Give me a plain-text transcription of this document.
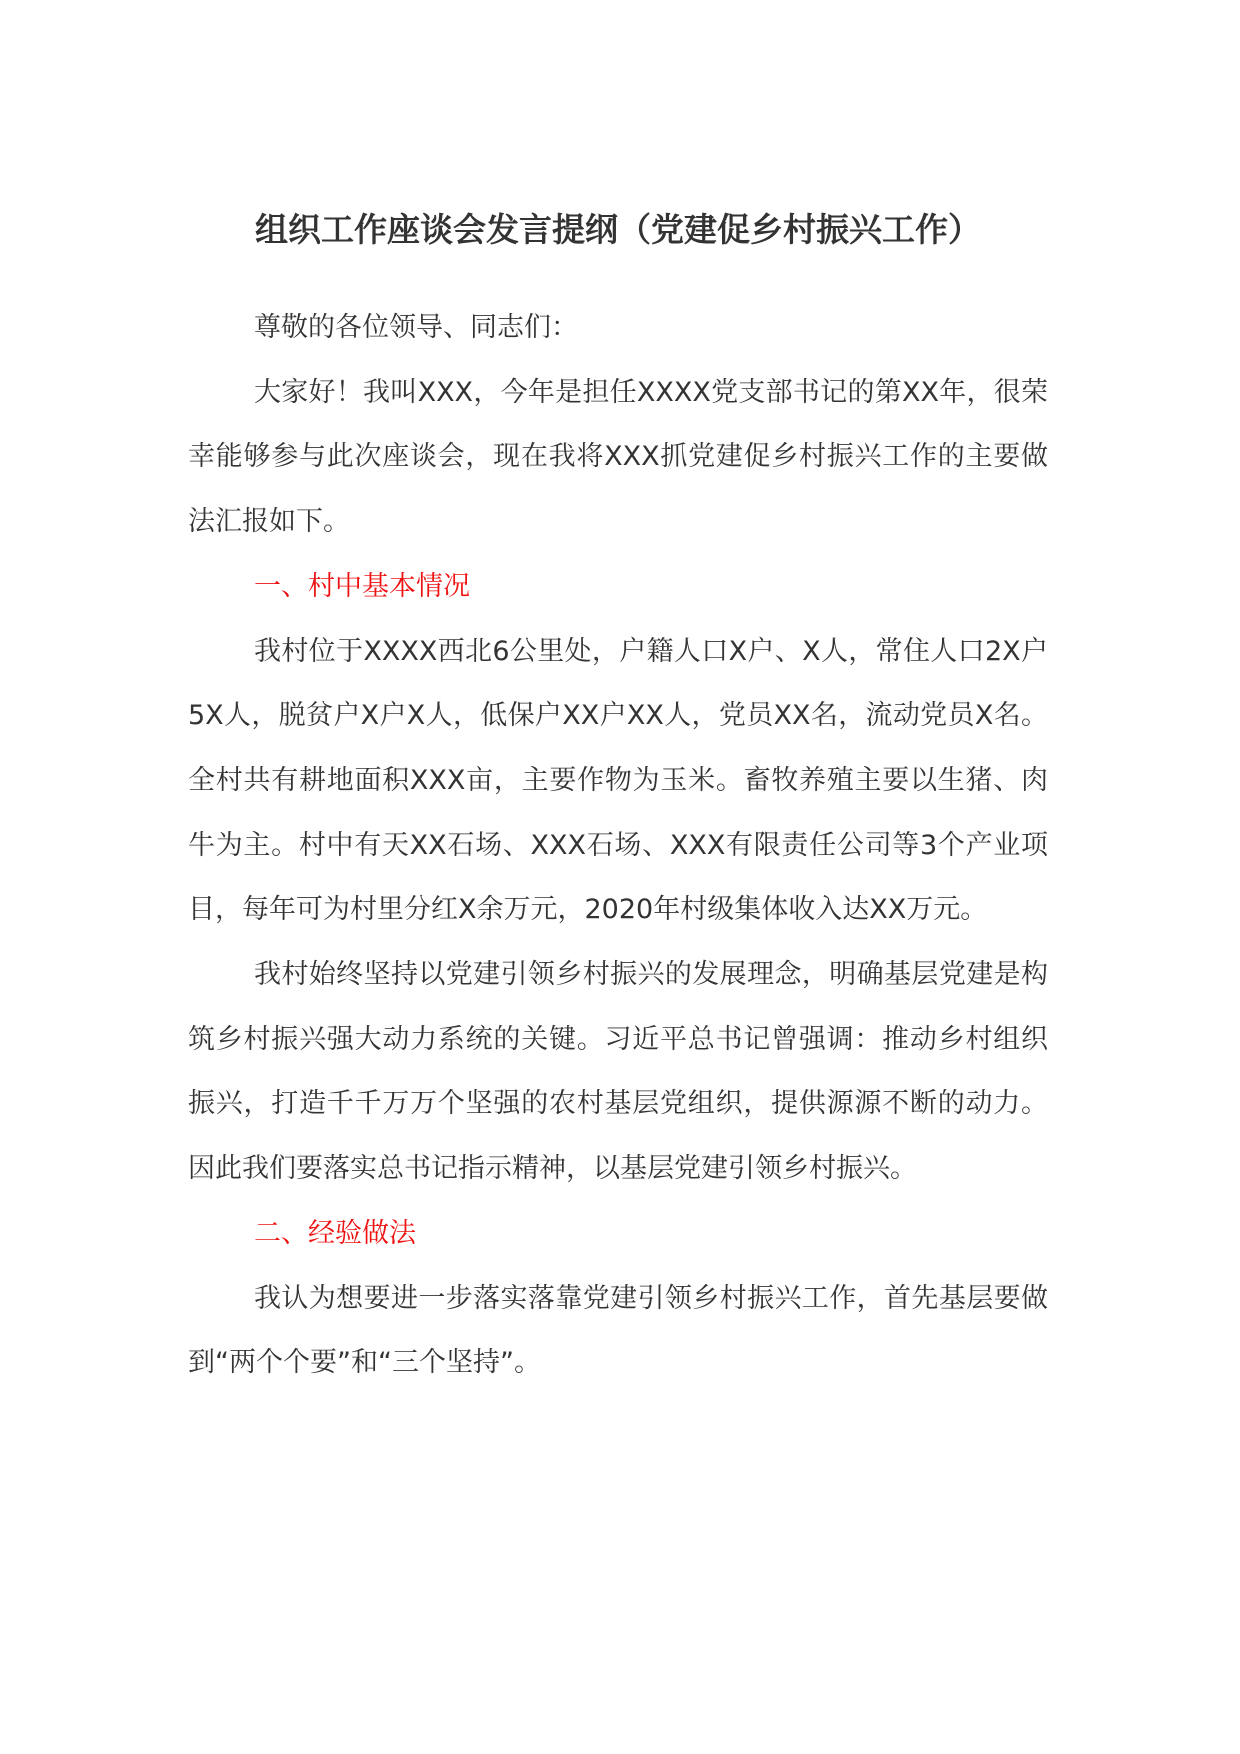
组织工作座谈会发言提纲（党建促乡村振兴工作）

尊敬的各位领导、同志们：

大家好！我叫XXX，今年是担任XXXX党支部书记的第XX年，很荣幸能够参与此次座谈会，现在我将XXX抓党建促乡村振兴工作的主要做法汇报如下。

一、村中基本情况

我村位于XXXX西北6公里处，户籍人口X户、X人，常住人口2X户5X人，脱贫户X户X人，低保户XX户XX人，党员XX名，流动党员X名。全村共有耕地面积XXX亩，主要作物为玉米。畜牧养殖主要以生猪、肉牛为主。村中有天XX石场、XXX石场、XXX有限责任公司等3个产业项目，每年可为村里分红X余万元，2020年村级集体收入达XX万元。

我村始终坚持以党建引领乡村振兴的发展理念，明确基层党建是构筑乡村振兴强大动力系统的关键。习近平总书记曾强调：推动乡村组织振兴，打造千千万万个坚强的农村基层党组织，提供源源不断的动力。因此我们要落实总书记指示精神，以基层党建引领乡村振兴。

二、经验做法

我认为想要进一步落实落靠党建引领乡村振兴工作，首先基层要做到“两个个要”和“三个坚持”。
